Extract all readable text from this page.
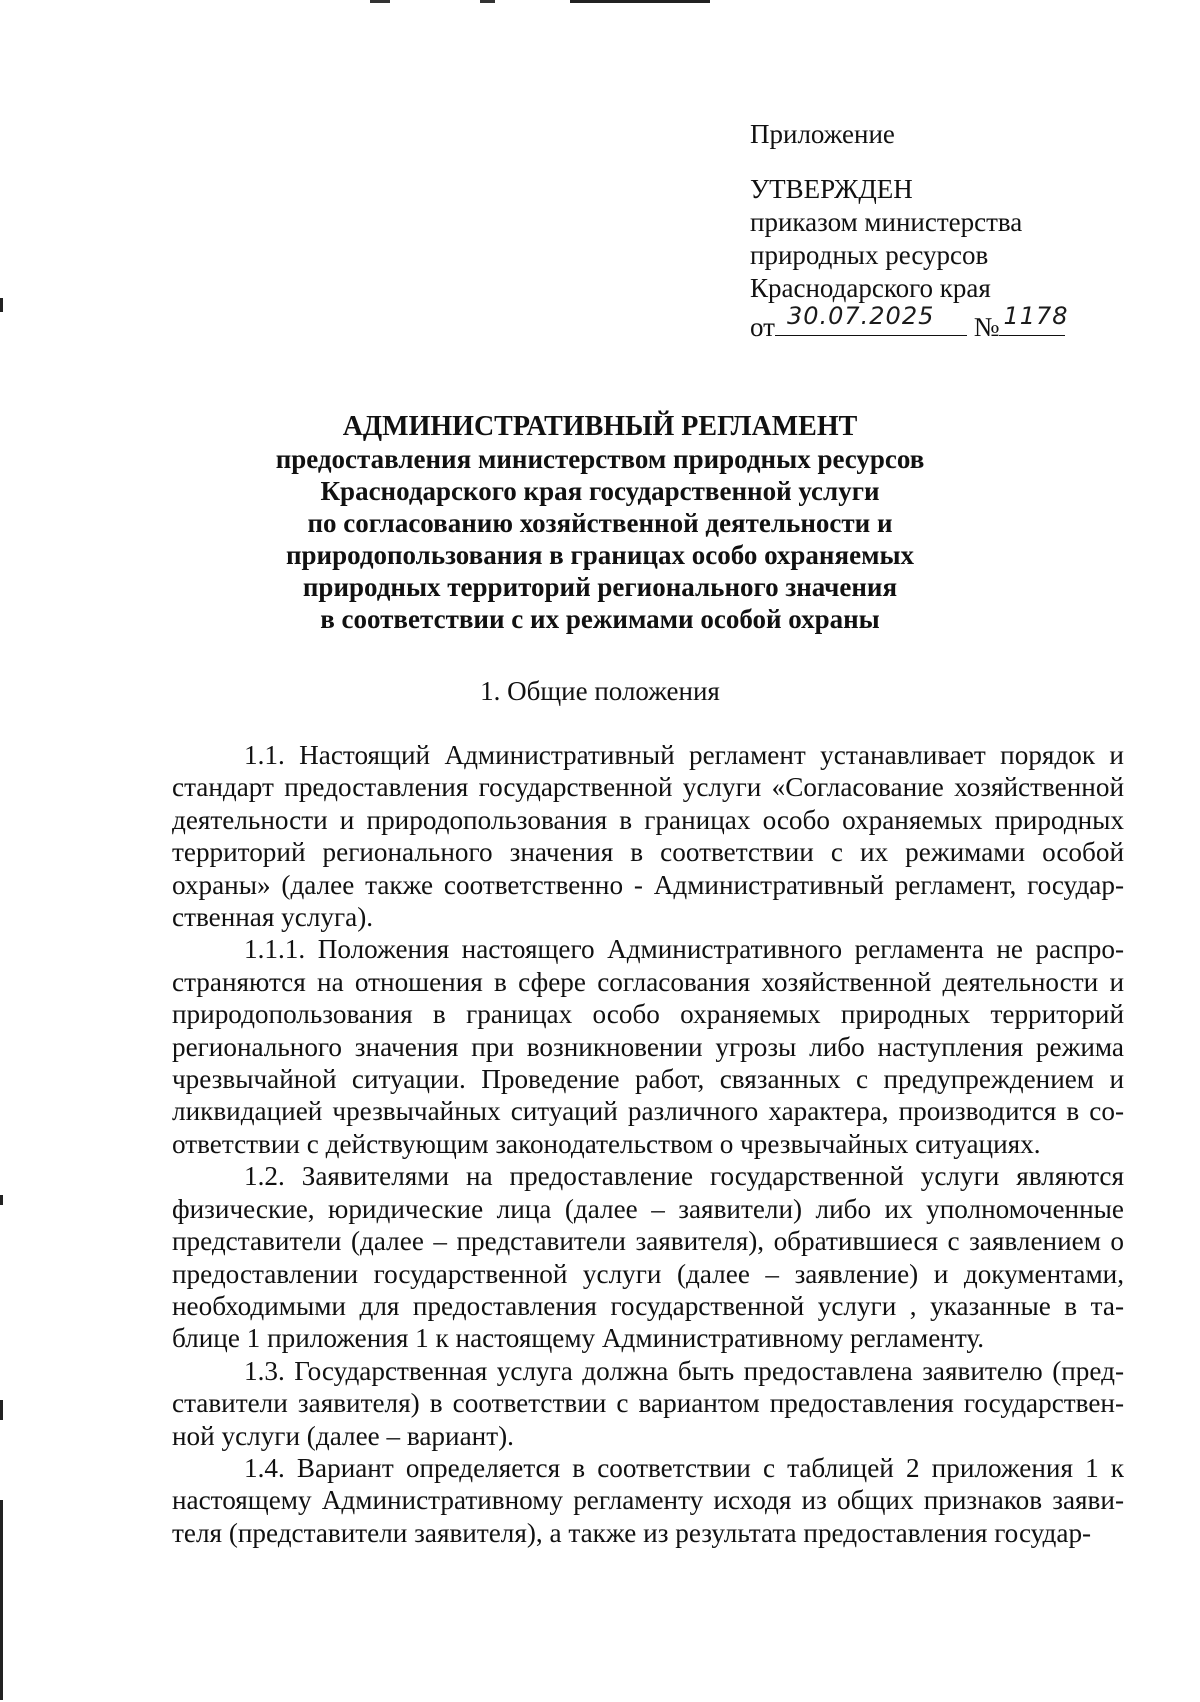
Приложение
УТВЕРЖДЕН
приказом министерства
природных ресурсов
Краснодарского края
от 30.07.2025 № 1178
АДМИНИСТРАТИВНЫЙ РЕГЛАМЕНТ
предоставления министерством природных ресурсов
Краснодарского края государственной услуги
по согласованию хозяйственной деятельности и
природопользования в границах особо охраняемых
природных территорий регионального значения
в соответствии с их режимами особой охраны
1. Общие положения

1.1. Настоящий Административный регламент устанавливает порядок и стандарт предоставления государственной услуги «Согласование хозяйственной деятельности и природопользования в границах особо охраняемых природных территорий регионального значения в соответствии с их режимами особой охраны» (далее также соответственно - Административный регламент, государственная услуга).

1.1.1. Положения настоящего Административного регламента не распространяются на отношения в сфере согласования хозяйственной деятельности и природопользования в границах особо охраняемых природных территорий регионального значения при возникновении угрозы либо наступления режима чрезвычайной ситуации. Проведение работ, связанных с предупреждением и ликвидацией чрезвычайных ситуаций различного характера, производится в соответствии с действующим законодательством о чрезвычайных ситуациях.

1.2. Заявителями на предоставление государственной услуги являются физические, юридические лица (далее – заявители) либо их уполномоченные представители (далее – представители заявителя), обратившиеся с заявлением о предоставлении государственной услуги (далее – заявление) и документами, необходимыми для предоставления государственной услуги , указанные в таблице 1 приложения 1 к настоящему Административному регламенту.

1.3. Государственная услуга должна быть предоставлена заявителю (представители заявителя) в соответствии с вариантом предоставления государственной услуги (далее – вариант).

1.4. Вариант определяется в соответствии с таблицей 2 приложения 1 к настоящему Административному регламенту исходя из общих признаков заявителя (представители заявителя), а также из результата предоставления государ-
